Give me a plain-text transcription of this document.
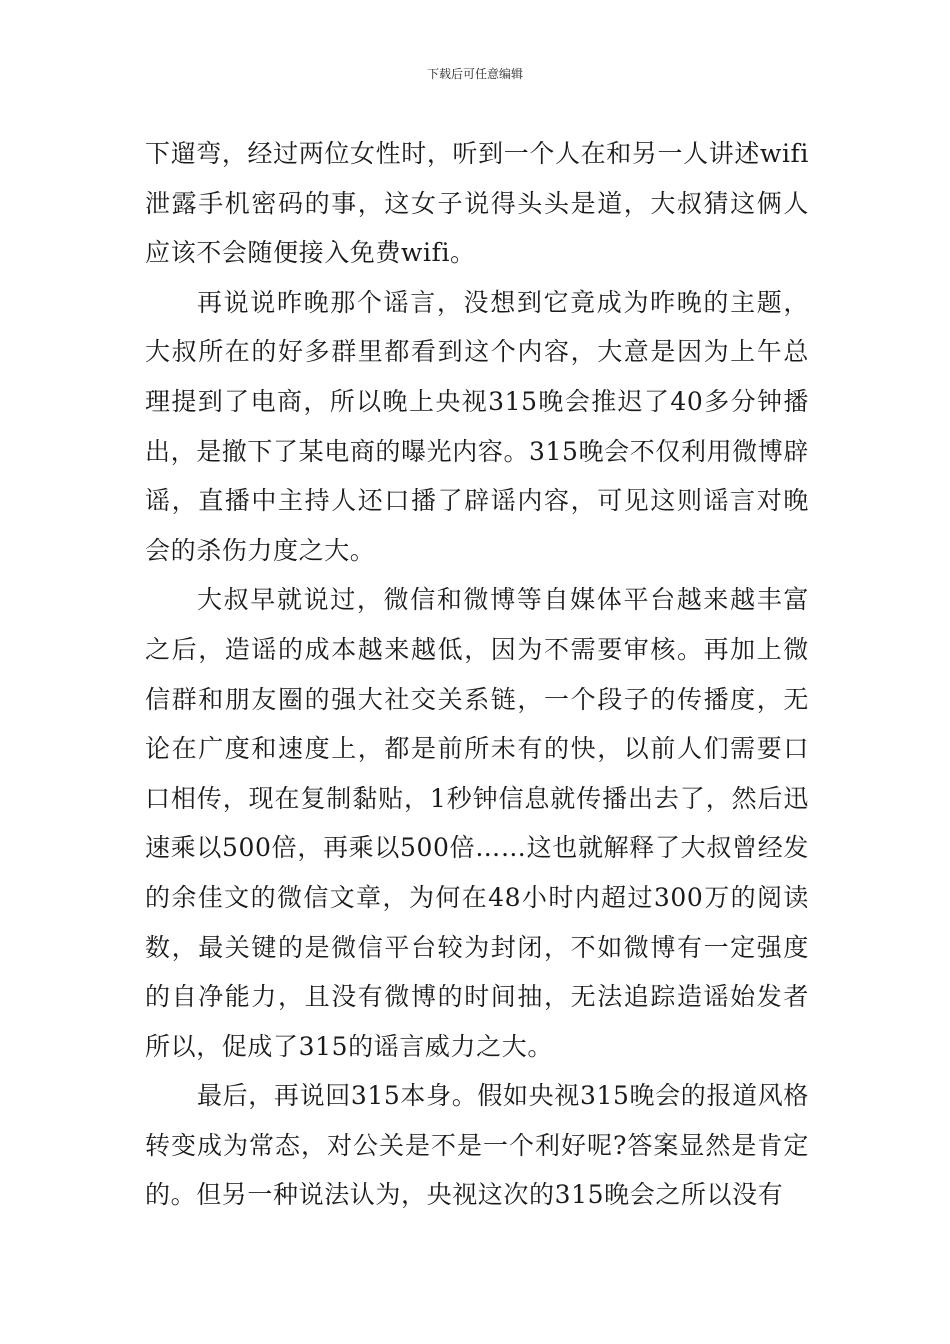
下载后可任意编辑

下遛弯，经过两位女性时，听到一个人在和另一人讲述wifi泄露手机密码的事，这女子说得头头是道，大叔猜这俩人应该不会随便接入免费wifi。

再说说昨晚那个谣言，没想到它竟成为昨晚的主题，大叔所在的好多群里都看到这个内容，大意是因为上午总理提到了电商，所以晚上央视315晚会推迟了40多分钟播出，是撤下了某电商的曝光内容。315晚会不仅利用微博辟谣，直播中主持人还口播了辟谣内容，可见这则谣言对晚会的杀伤力度之大。

大叔早就说过，微信和微博等自媒体平台越来越丰富之后，造谣的成本越来越低，因为不需要审核。再加上微信群和朋友圈的强大社交关系链，一个段子的传播度，无论在广度和速度上，都是前所未有的快，以前人们需要口口相传，现在复制黏贴，1秒钟信息就传播出去了，然后迅速乘以500倍，再乘以500倍……这也就解释了大叔曾经发的余佳文的微信文章，为何在48小时内超过300万的阅读数，最关键的是微信平台较为封闭，不如微博有一定强度的自净能力，且没有微博的时间抽，无法追踪造谣始发者所以，促成了315的谣言威力之大。

最后，再说回315本身。假如央视315晚会的报道风格转变成为常态，对公关是不是一个利好呢?答案显然是肯定的。但另一种说法认为，央视这次的315晚会之所以没有
